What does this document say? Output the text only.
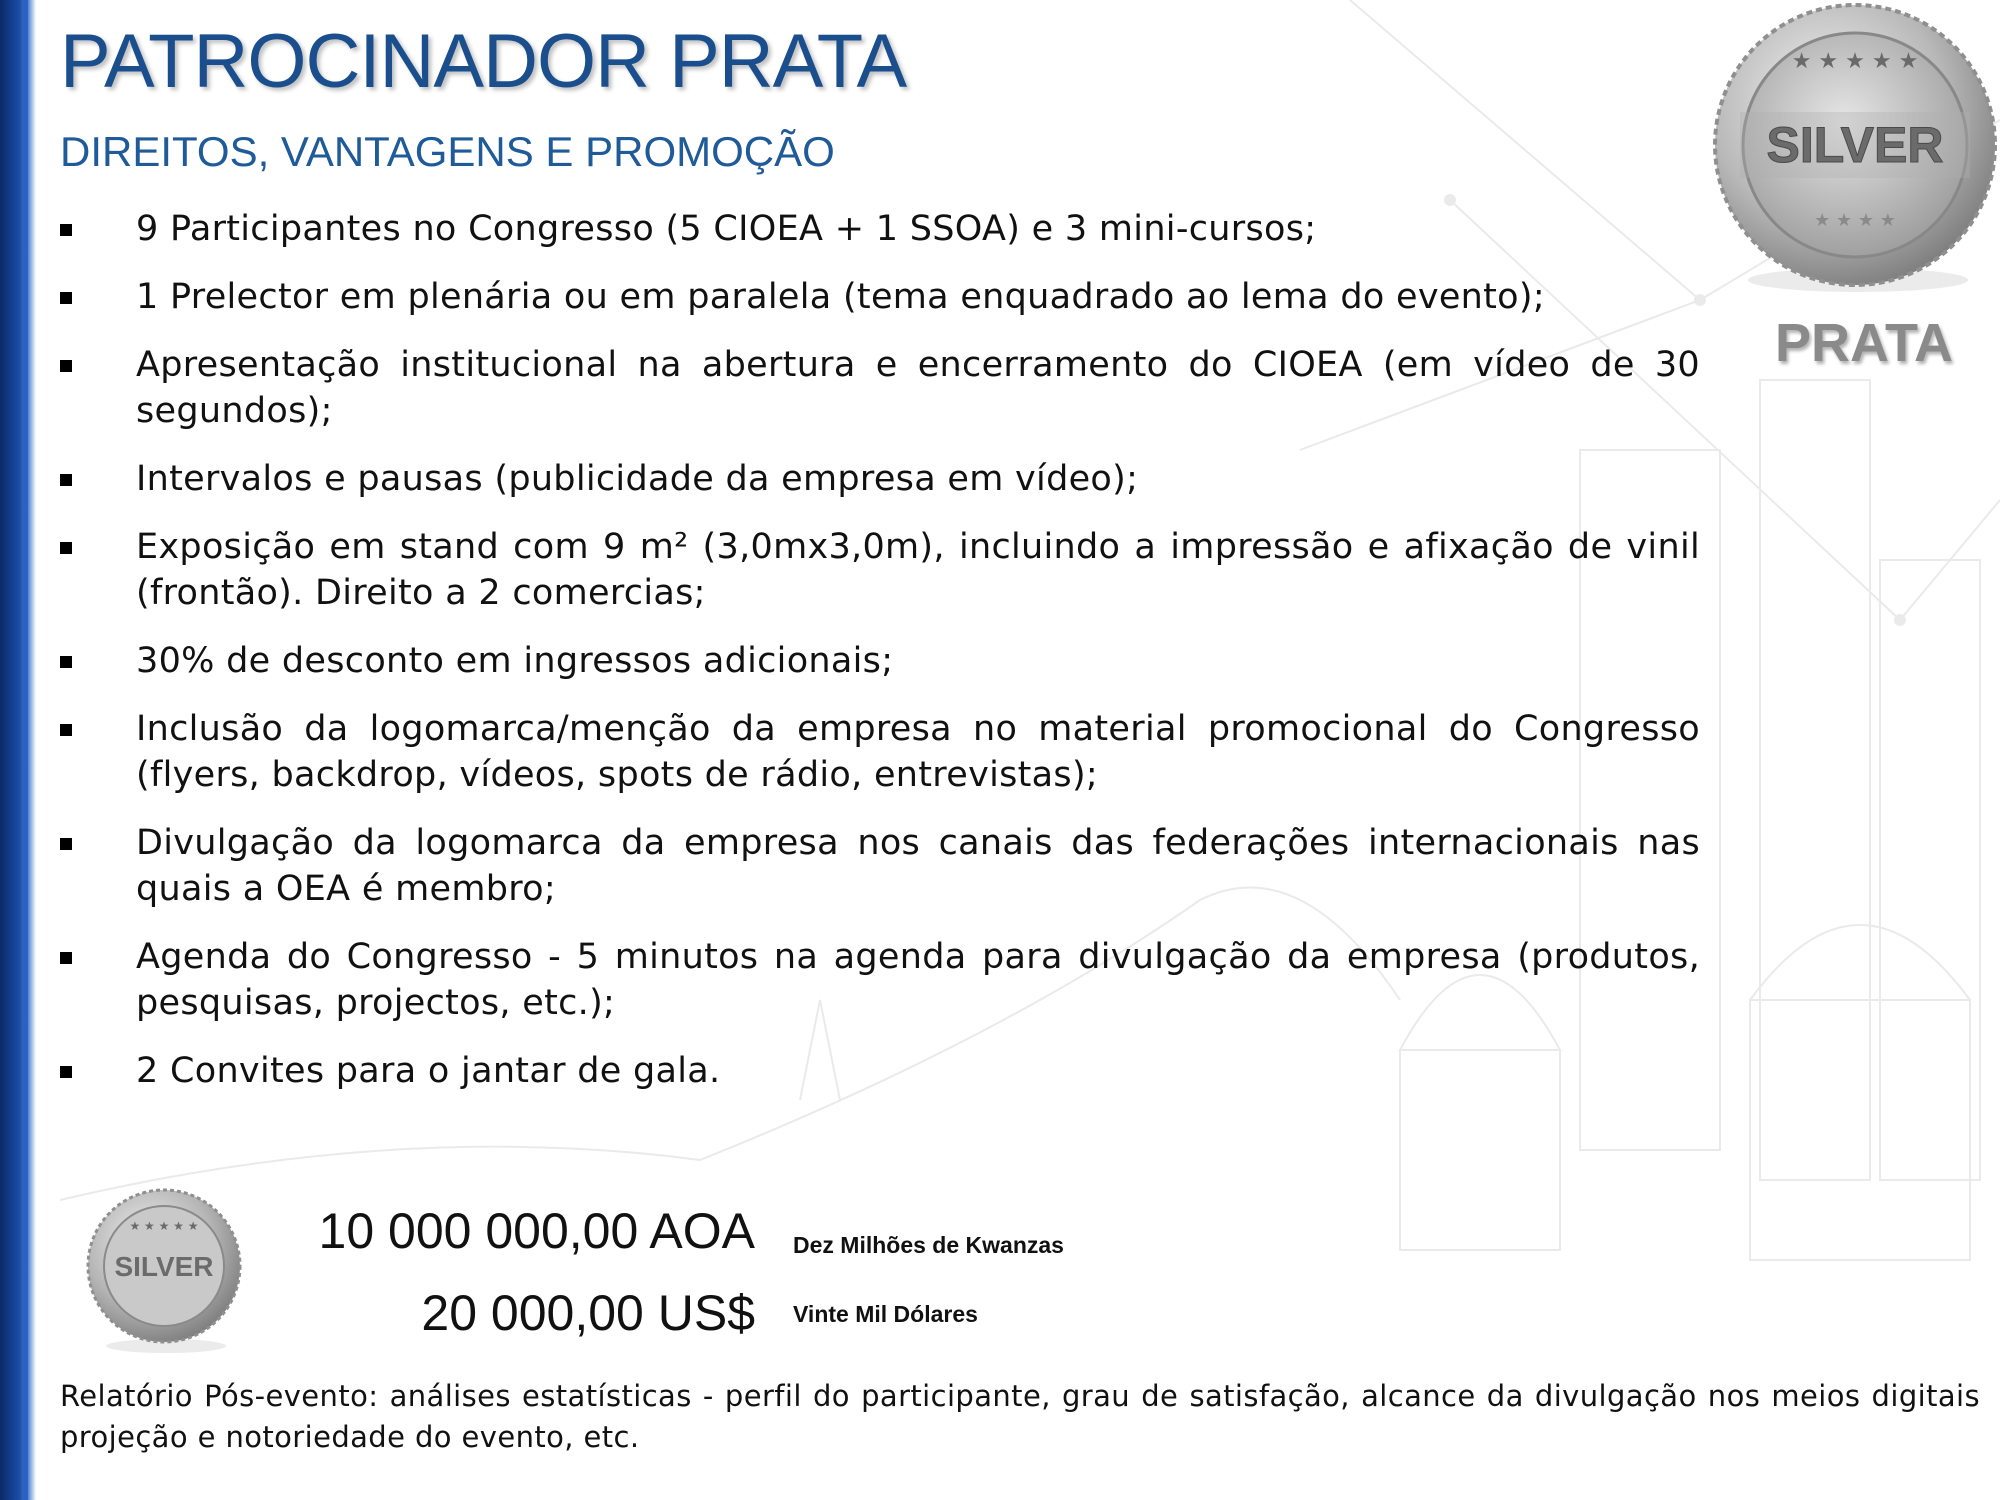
PATROCINADOR PRATA
DIREITOS, VANTAGENS E PROMOÇÃO
★ ★ ★ ★ ★
★ ★ ★ ★
SILVER
PRATA
9 Participantes no Congresso (5 CIOEA + 1 SSOA) e 3 mini-cursos;
1 Prelector em plenária ou em paralela (tema enquadrado ao lema do evento);
Apresentação institucional na abertura e encerramento do CIOEA (em vídeo de 30 segundos);
Intervalos e pausas (publicidade da empresa em vídeo);
Exposição em stand com 9 m² (3,0mx3,0m), incluindo a impressão e afixação de vinil (frontão). Direito a 2 comercias;
30% de desconto em ingressos adicionais;
Inclusão da logomarca/menção da empresa no material promocional do Congresso (flyers, backdrop, vídeos, spots de rádio, entrevistas);
Divulgação da logomarca da empresa nos canais das federações internacionais nas quais a OEA é membro;
Agenda do Congresso - 5 minutos na agenda para divulgação da empresa (produtos, pesquisas, projectos, etc.);
2 Convites para o jantar de gala.
★ ★ ★ ★ ★
SILVER
10 000 000,00 AOA Dez Milhões de Kwanzas
20 000,00 US$ Vinte Mil Dólares

Relatório Pós-evento: análises estatísticas - perfil do participante, grau de satisfação, alcance da divulgação nos meios digitais projeção e notoriedade do evento, etc.
